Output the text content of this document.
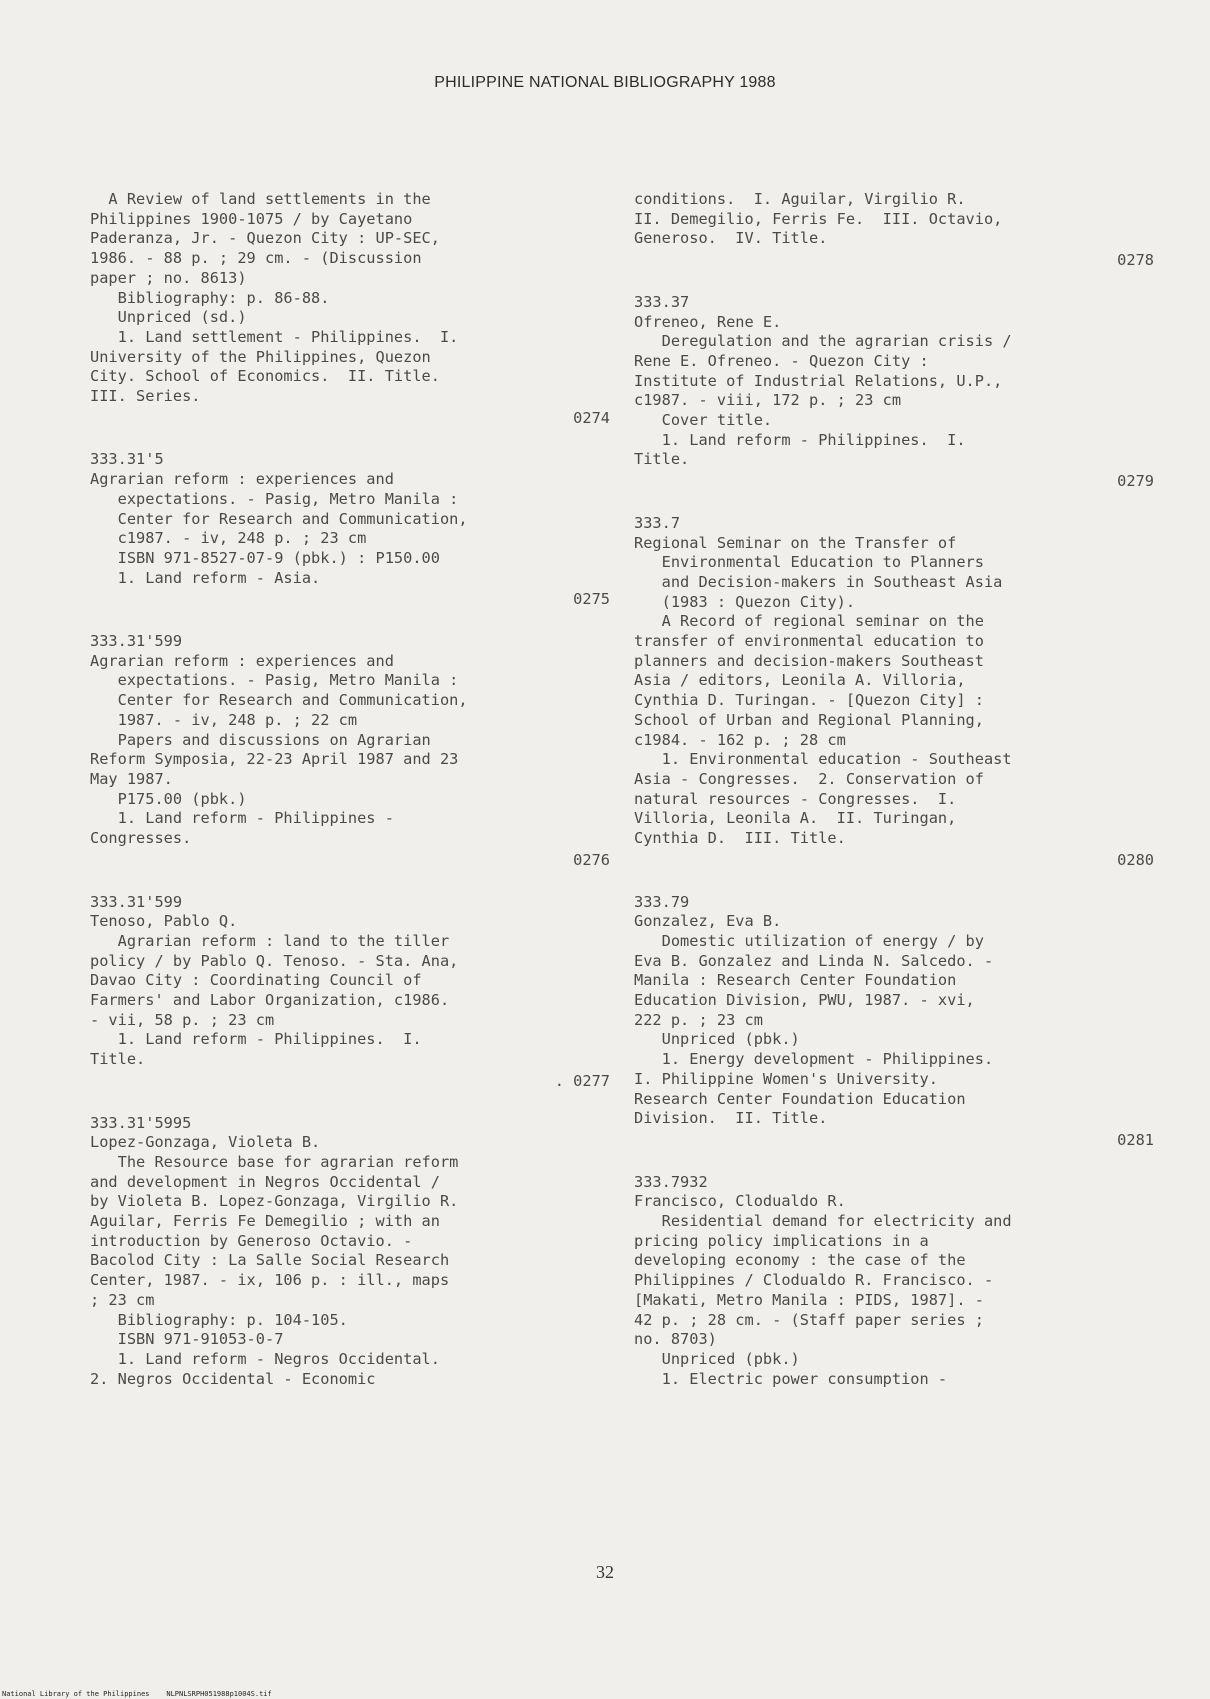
PHILIPPINE NATIONAL BIBLIOGRAPHY 1988
A Review of land settlements in the
Philippines 1900-1075 / by Cayetano
Paderanza, Jr. - Quezon City : UP-SEC,
1986. - 88 p. ; 29 cm. - (Discussion
paper ; no. 8613)
Bibliography: p. 86-88.
Unpriced (sd.)
1. Land settlement - Philippines.  I.
University of the Philippines, Quezon
City. School of Economics.  II. Title.
III. Series.
0274
333.31'5
Agrarian reform : experiences and
expectations. - Pasig, Metro Manila :
Center for Research and Communication,
c1987. - iv, 248 p. ; 23 cm
ISBN 971-8527-07-9 (pbk.) : P150.00
1. Land reform - Asia.
0275
333.31'599
Agrarian reform : experiences and
expectations. - Pasig, Metro Manila :
Center for Research and Communication,
1987. - iv, 248 p. ; 22 cm
Papers and discussions on Agrarian
Reform Symposia, 22-23 April 1987 and 23
May 1987.
P175.00 (pbk.)
1. Land reform - Philippines -
Congresses.
0276
333.31'599
Tenoso, Pablo Q.
Agrarian reform : land to the tiller
policy / by Pablo Q. Tenoso. - Sta. Ana,
Davao City : Coordinating Council of
Farmers' and Labor Organization, c1986.
- vii, 58 p. ; 23 cm
1. Land reform - Philippines.  I.
Title.
. 0277
333.31'5995
Lopez-Gonzaga, Violeta B.
The Resource base for agrarian reform
and development in Negros Occidental /
by Violeta B. Lopez-Gonzaga, Virgilio R.
Aguilar, Ferris Fe Demegilio ; with an
introduction by Generoso Octavio. -
Bacolod City : La Salle Social Research
Center, 1987. - ix, 106 p. : ill., maps
; 23 cm
Bibliography: p. 104-105.
ISBN 971-91053-0-7
1. Land reform - Negros Occidental.
2. Negros Occidental - Economic
conditions.  I. Aguilar, Virgilio R.
II. Demegilio, Ferris Fe.  III. Octavio,
Generoso.  IV. Title.
0278
333.37
Ofreneo, Rene E.
Deregulation and the agrarian crisis /
Rene E. Ofreneo. - Quezon City :
Institute of Industrial Relations, U.P.,
c1987. - viii, 172 p. ; 23 cm
Cover title.
1. Land reform - Philippines.  I.
Title.
0279
333.7
Regional Seminar on the Transfer of
Environmental Education to Planners
and Decision-makers in Southeast Asia
(1983 : Quezon City).
A Record of regional seminar on the
transfer of environmental education to
planners and decision-makers Southeast
Asia / editors, Leonila A. Villoria,
Cynthia D. Turingan. - [Quezon City] :
School of Urban and Regional Planning,
c1984. - 162 p. ; 28 cm
1. Environmental education - Southeast
Asia - Congresses.  2. Conservation of
natural resources - Congresses.  I.
Villoria, Leonila A.  II. Turingan,
Cynthia D.  III. Title.
0280
333.79
Gonzalez, Eva B.
Domestic utilization of energy / by
Eva B. Gonzalez and Linda N. Salcedo. -
Manila : Research Center Foundation
Education Division, PWU, 1987. - xvi,
222 p. ; 23 cm
Unpriced (pbk.)
1. Energy development - Philippines.
I. Philippine Women's University.
Research Center Foundation Education
Division.  II. Title.
0281
333.7932
Francisco, Clodualdo R.
Residential demand for electricity and
pricing policy implications in a
developing economy : the case of the
Philippines / Clodualdo R. Francisco. -
[Makati, Metro Manila : PIDS, 1987]. -
42 p. ; 28 cm. - (Staff paper series ;
no. 8703)
Unpriced (pbk.)
1. Electric power consumption -
32
National Library of the Philippines    NLPNLSRPH051988p1004S.tif
